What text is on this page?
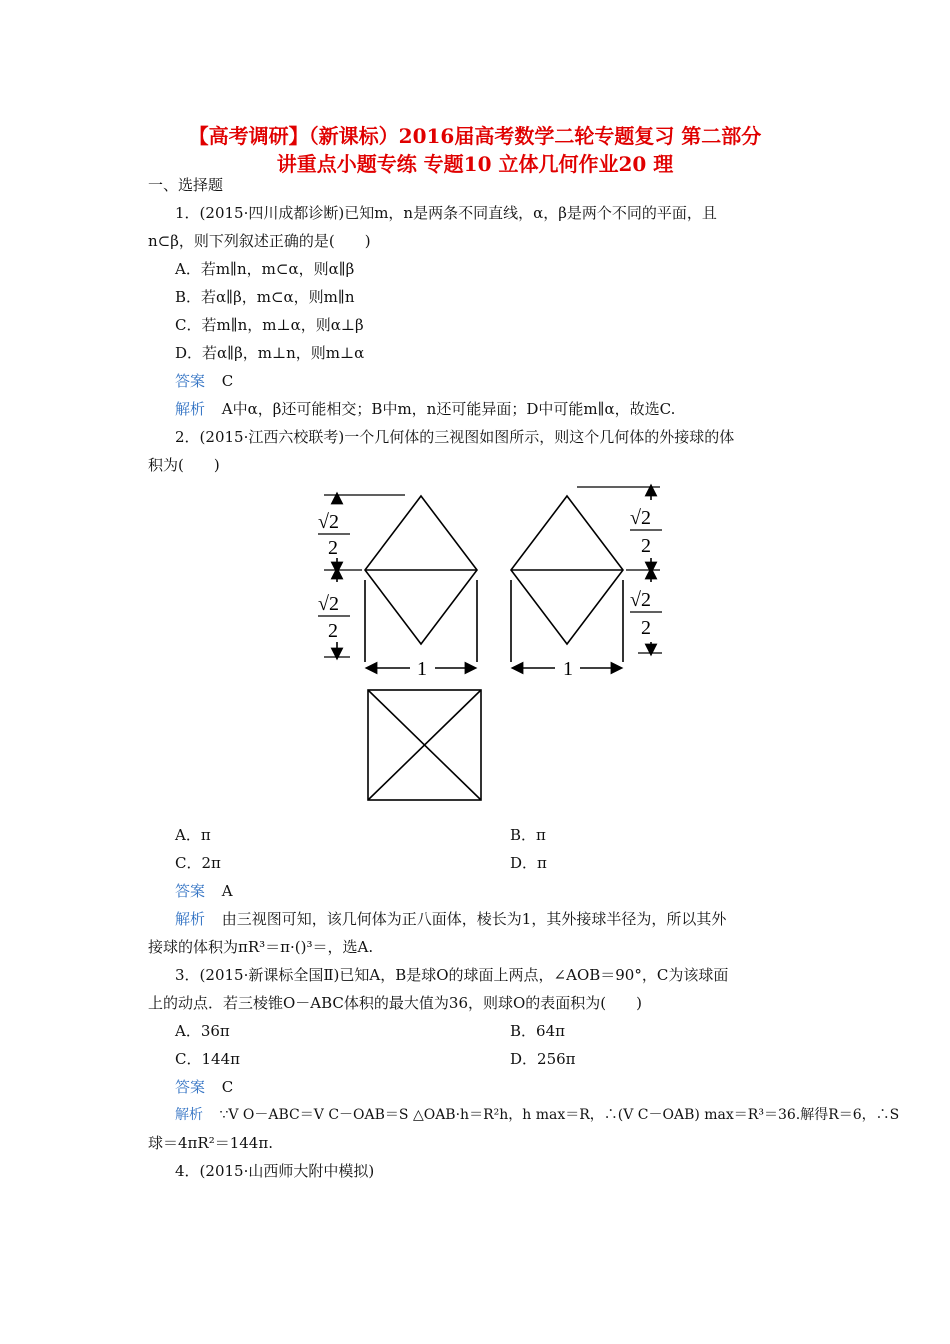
【高考调研】（新课标）2016届高考数学二轮专题复习 第二部分
讲重点小题专练 专题10 立体几何作业20 理
一、选择题
1．(2015·四川成都诊断)已知m，n是两条不同直线，α，β是两个不同的平面，且
n⊂β，则下列叙述正确的是(　　)
A．若m∥n，m⊂α，则α∥β
B．若α∥β，m⊂α，则m∥n
C．若m∥n，m⊥α，则α⊥β
D．若α∥β，m⊥n，则m⊥α
答案 C
解析 A中α，β还可能相交；B中m，n还可能异面；D中可能m∥α，故选C.
2．(2015·江西六校联考)一个几何体的三视图如图所示，则这个几何体的外接球的体
积为(　　)
√2
2
√2
2
√2
2
√2
2
1	1
A．π	B．π
C．2π	D．π
答案 A
解析 由三视图可知，该几何体为正八面体，棱长为1，其外接球半径为，所以其外
接球的体积为πR³＝π·()³＝，选A.
3．(2015·新课标全国Ⅱ)已知A，B是球O的球面上两点，∠AOB＝90°，C为该球面
上的动点．若三棱锥O－ABC体积的最大值为36，则球O的表面积为(　　)
A．36π	B．64π
C．144π	D．256π
答案 C
解析 ∵V O－ABC＝V C－OAB＝S △OAB·h＝R²h，h max＝R，∴(V C－OAB) max＝R³＝36.解得R＝6，∴S
球＝4πR²＝144π.
4．(2015·山西师大附中模拟)
